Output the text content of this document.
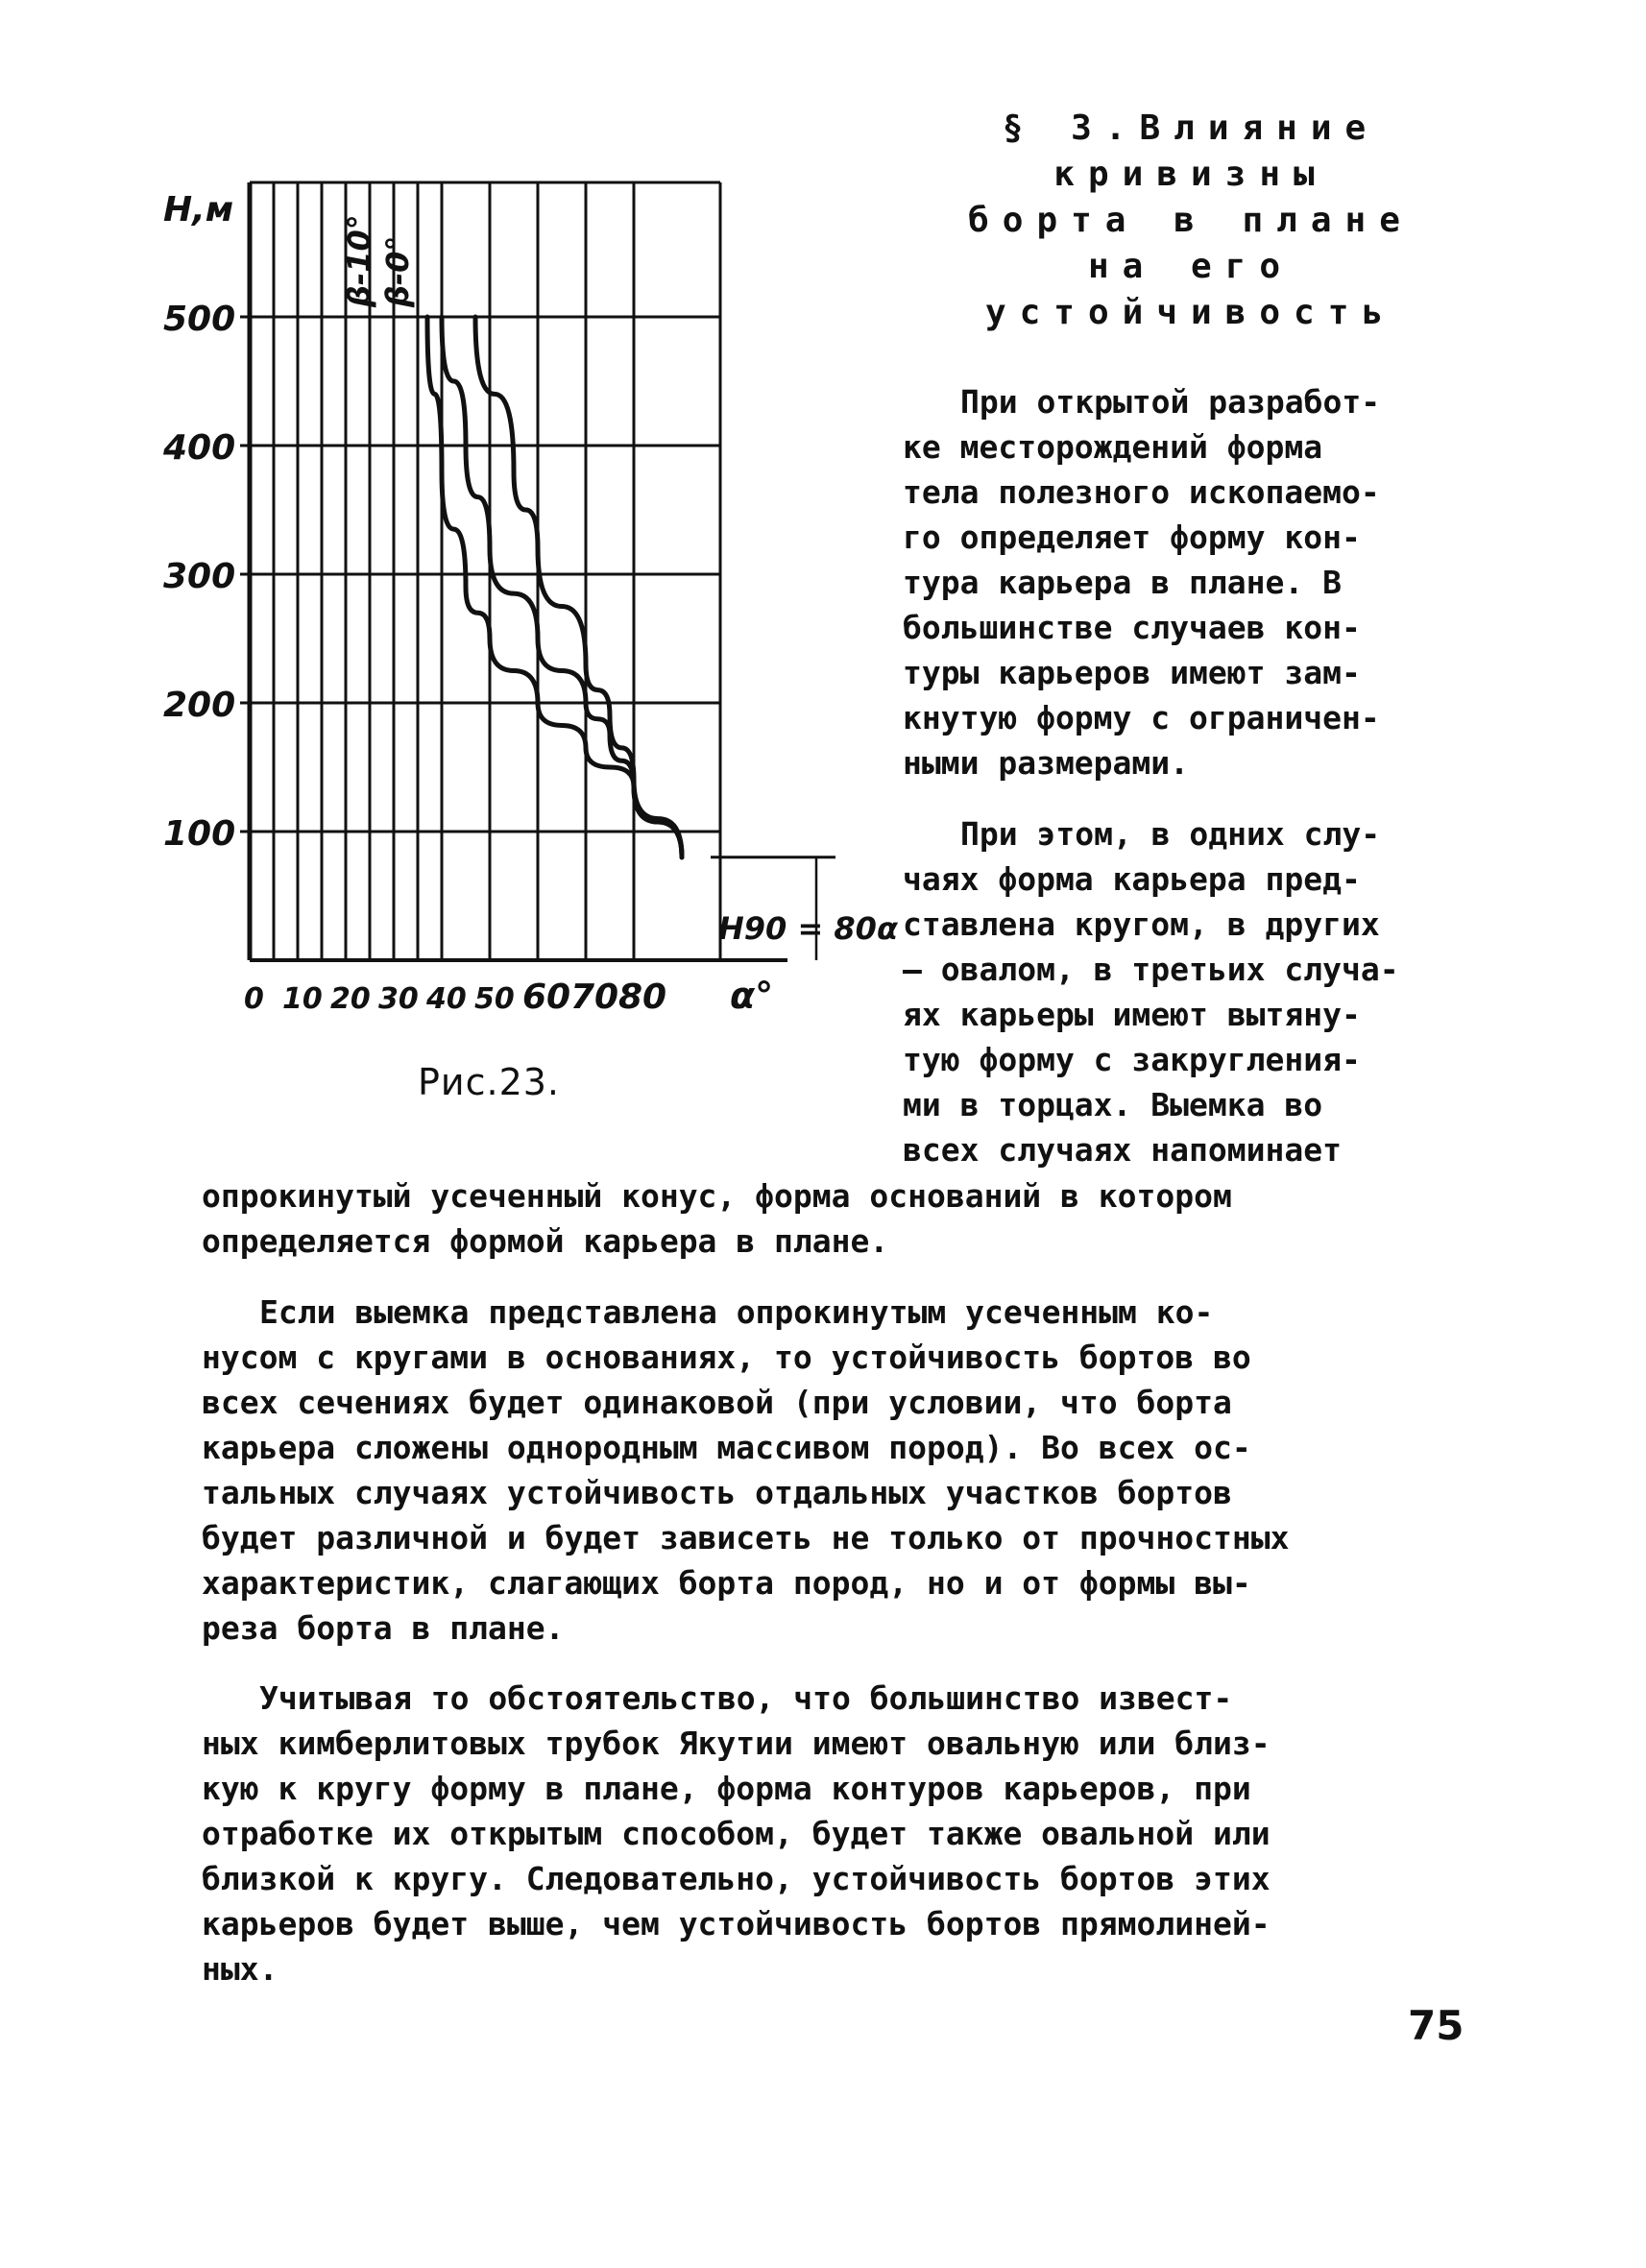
H,м
500
400
300
200
100
0 10 20 30 40 50 60 70 80 α°
β-10° β-0°
H90 = 80α
Рис.23.
§ 3.Влияние
кривизны
борта в плане
на его
устойчивость
При открытой разработ-
ке месторождений форма
тела полезного ископаемо-
го определяет форму кон-
тура карьера в плане. В
большинстве случаев кон-
туры карьеров имеют зам-
кнутую форму с ограничен-
ными размерами.
При этом, в одних слу-
чаях форма карьера пред-
ставлена кругом, в других
– овалом, в третьих случа-
ях карьеры имеют вытяну-
тую форму с закругления-
ми в торцах. Выемка во
всех случаях напоминает
опрокинутый усеченный конус, форма оснований в котором
определяется формой карьера в плане.
Если выемка представлена опрокинутым усеченным ко-
нусом с кругами в основаниях, то устойчивость бортов во
всех сечениях будет одинаковой (при условии, что борта
карьера сложены однородным массивом пород). Во всех ос-
тальных случаях устойчивость отдальных участков бортов
будет различной и будет зависеть не только от прочностных
характеристик, слагающих борта пород, но и от формы вы-
реза борта в плане.
Учитывая то обстоятельство, что большинство извест-
ных кимберлитовых трубок Якутии имеют овальную или близ-
кую к кругу форму в плане, форма контуров карьеров, при
отработке их открытым способом, будет также овальной или
близкой к кругу. Следовательно, устойчивость бортов этих
карьеров будет выше, чем устойчивость бортов прямолиней-
ных.
75
